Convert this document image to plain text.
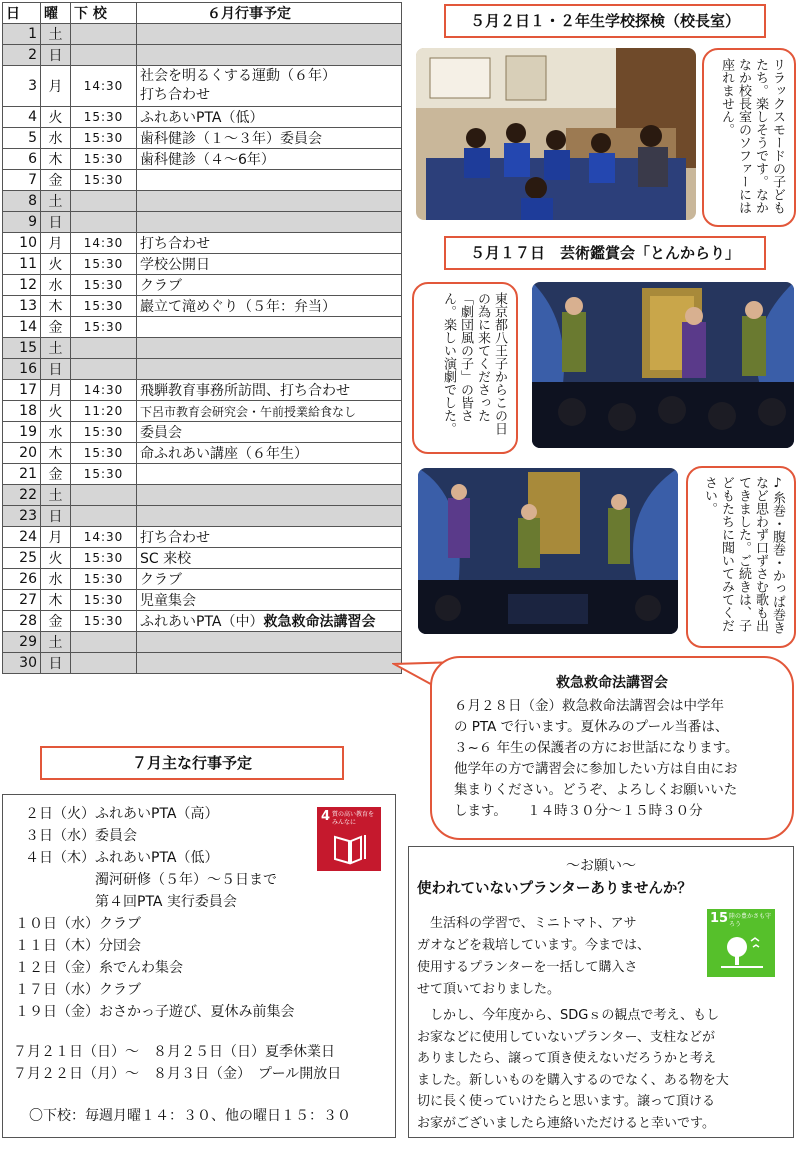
日	曜	下 校	６月行事予定
1	土		
2	日		
3	月	14:30	社会を明るくする運動（６年）
打ち合わせ

4	火	15:30	ふれあいPTA（低）
5	水	15:30	歯科健診（１～３年）委員会
6	木	15:30	歯科健診（４～6年）
7	金	15:30	
8	土		
9	日		
10	月	14:30	打ち合わせ
11	火	15:30	学校公開日
12	水	15:30	クラブ
13	木	15:30	巖立て滝めぐり（５年：弁当）
14	金	15:30	
15	土		
16	日		
17	月	14:30	飛騨教育事務所訪問、打ち合わせ
18	火	11:20	下呂市教育会研究会・午前授業給食なし
19	水	15:30	委員会
20	木	15:30	命ふれあい講座（６年生）
21	金	15:30	
22	土		
23	日		
24	月	14:30	打ち合わせ
25	火	15:30	SC 来校
26	水	15:30	クラブ
27	木	15:30	児童集会
28	金	15:30	ふれあいPTA（中）救急救命法講習会
29	土		
30	日		
５月２日１・２年生学校探検（校長室）
リラックスモードの子どもたち。楽しそうです。なかなか校長室のソファーには座れません。
５月１７日　芸術鑑賞会「とんからり」
東京都八王子からこの日の為に来てくださった「劇団風の子」の皆さん。楽しい演劇でした。
♪糸巻・腹巻・かっぱ巻きなど思わず口ずさむ歌も出てきました。ご続きは、子どもたちに聞いてみてください。
救急救命法講習会
６月２８日（金）救急救命法講習会は中学年
の PTA で行います。夏休みのプール当番は、
３~６ 年生の保護者の方にお世話になります。
他学年の方で講習会に参加したい方は自由にお
集まりください。どうぞ、よろしくお願いいた
します。　　１４時３０分～１５時３０分
７月主な行事予定
２日（火）ふれあいPTA（高）
３日（水）委員会
４日（木）ふれあいPTA（低）
　　　　　濁河研修（５年）～５日まで
　　　　　第４回PTA 実行委員会
１０日（水）クラブ
１１日（木）分団会
１２日（金）糸でんわ集会
１７日（水）クラブ
１９日（金）おさかっ子遊び、夏休み前集会
７月２１日（日）～　８月２５日（日）夏季休業日
７月２２日（月）～　８月３日（金）　プール開放日
〇下校：毎週月曜１４：３０、他の曜日１５：３０
4 質の高い教育をみんなに
～お願い～
使われていないプランターありませんか？
　生活科の学習で、ミニトマト、アサ
ガオなどを栽培しています。今までは、
使用するプランターを一括して購入さ
せて頂いておりました。
15 陸の豊かさも守ろう
　しかし、今年度から、SDGｓの観点で考え、もし
お家などに使用していないプランター、支柱などが
ありましたら、譲って頂き使えないだろうかと考え
ました。新しいものを購入するのでなく、ある物を大
切に長く使っていけたらと思います。譲って頂ける
お家がございましたら連絡いただけると幸いです。
